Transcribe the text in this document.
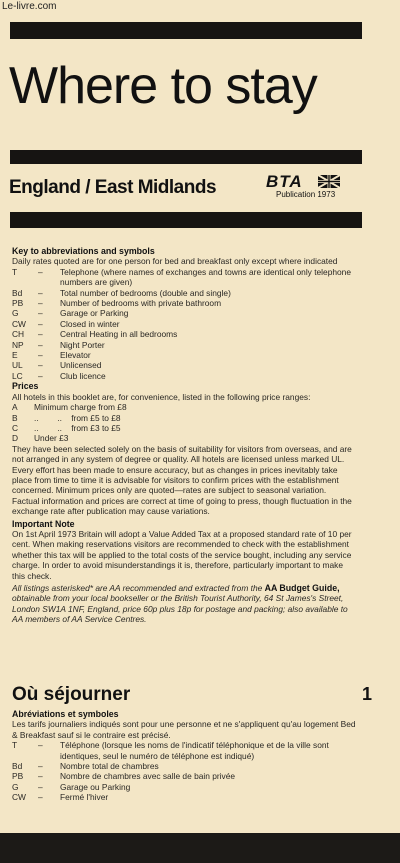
Le-livre.com
Where to stay
England / East Midlands	BTA
Publication 1973
Key to abbreviations and symbols
Daily rates quoted are for one person for bed and breakfast only except where indicated
T	–	Telephone (where names of exchanges and towns are identical only telephone numbers are given)
Bd	–	Total number of bedrooms (double and single)
PB	–	Number of bedrooms with private bathroom
G	–	Garage or Parking
CW	–	Closed in winter
CH	–	Central Heating in all bedrooms
NP	–	Night Porter
E	–	Elevator
UL	–	Unlicensed
LC	–	Club licence
Prices
All hotels in this booklet are, for convenience, listed in the following price ranges:
A	Minimum charge from £8
B	..        ..    from £5 to £8
C	..        ..    from £3 to £5
D	Under £3
They have been selected solely on the basis of suitability for visitors from overseas, and are not arranged in any system of degree or quality. All hotels are licensed unless marked UL.
Every effort has been made to ensure accuracy, but as changes in prices inevitably take place from time to time it is advisable for visitors to confirm prices with the establishment concerned. Minimum prices only are quoted—rates are subject to seasonal variation.
Factual information and prices are correct at time of going to press, though fluctuation in the exchange rate after publication may cause variations.
Important Note
On 1st April 1973 Britain will adopt a Value Added Tax at a proposed standard rate of 10 per cent. When making reservations visitors are recommended to check with the establishment whether this tax will be applied to the total costs of the service bought, including any service charge. In order to avoid misunderstandings it is, therefore, particularly important to make this check.
All listings asterisked* are AA recommended and extracted from the AA Budget Guide, obtainable from your local bookseller or the British Tourist Authority, 64 St James's Street, London SW1A 1NF, England, price 60p plus 18p for postage and packing; also available to AA members of AA Service Centres.
Où séjourner	1
Abréviations et symboles
Les tarifs journaliers indiqués sont pour une personne et ne s'appliquent qu'au logement Bed & Breakfast sauf si le contraire est précisé.
T	–	Téléphone (lorsque les noms de l'indicatif téléphonique et de la ville sont identiques, seul le numéro de téléphone est indiqué)
Bd	–	Nombre total de chambres
PB	–	Nombre de chambres avec salle de bain privée
G	–	Garage ou Parking
CW	–	Fermé l'hiver
